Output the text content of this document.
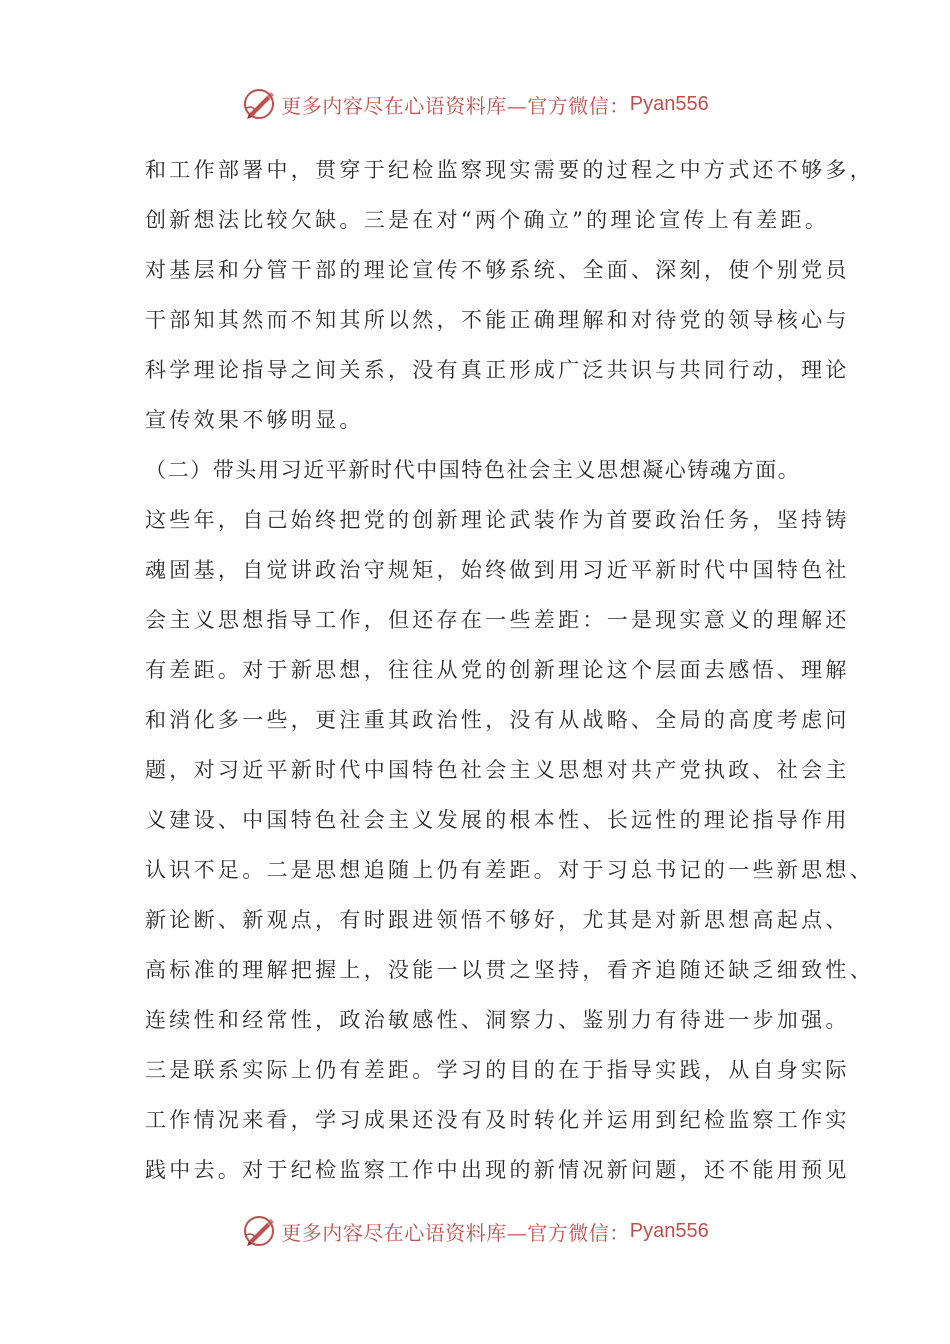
更多内容尽在心语资料库—官方微信： Pyan556
和工作部署中，贯穿于纪检监察现实需要的过程之中方式还不够多，
创新想法比较欠缺。三是在对“两个确立”的理论宣传上有差距。
对基层和分管干部的理论宣传不够系统、全面、深刻，使个别党员
干部知其然而不知其所以然，不能正确理解和对待党的领导核心与
科学理论指导之间关系，没有真正形成广泛共识与共同行动，理论
宣传效果不够明显。
（二）带头用习近平新时代中国特色社会主义思想凝心铸魂方面。
这些年，自己始终把党的创新理论武装作为首要政治任务，坚持铸
魂固基，自觉讲政治守规矩，始终做到用习近平新时代中国特色社
会主义思想指导工作，但还存在一些差距：一是现实意义的理解还
有差距。对于新思想，往往从党的创新理论这个层面去感悟、理解
和消化多一些，更注重其政治性，没有从战略、全局的高度考虑问
题，对习近平新时代中国特色社会主义思想对共产党执政、社会主
义建设、中国特色社会主义发展的根本性、长远性的理论指导作用
认识不足。二是思想追随上仍有差距。对于习总书记的一些新思想、
新论断、新观点，有时跟进领悟不够好，尤其是对新思想高起点、
高标准的理解把握上，没能一以贯之坚持，看齐追随还缺乏细致性、
连续性和经常性，政治敏感性、洞察力、鉴别力有待进一步加强。
三是联系实际上仍有差距。学习的目的在于指导实践，从自身实际
工作情况来看，学习成果还没有及时转化并运用到纪检监察工作实
践中去。对于纪检监察工作中出现的新情况新问题，还不能用预见
更多内容尽在心语资料库—官方微信： Pyan556
